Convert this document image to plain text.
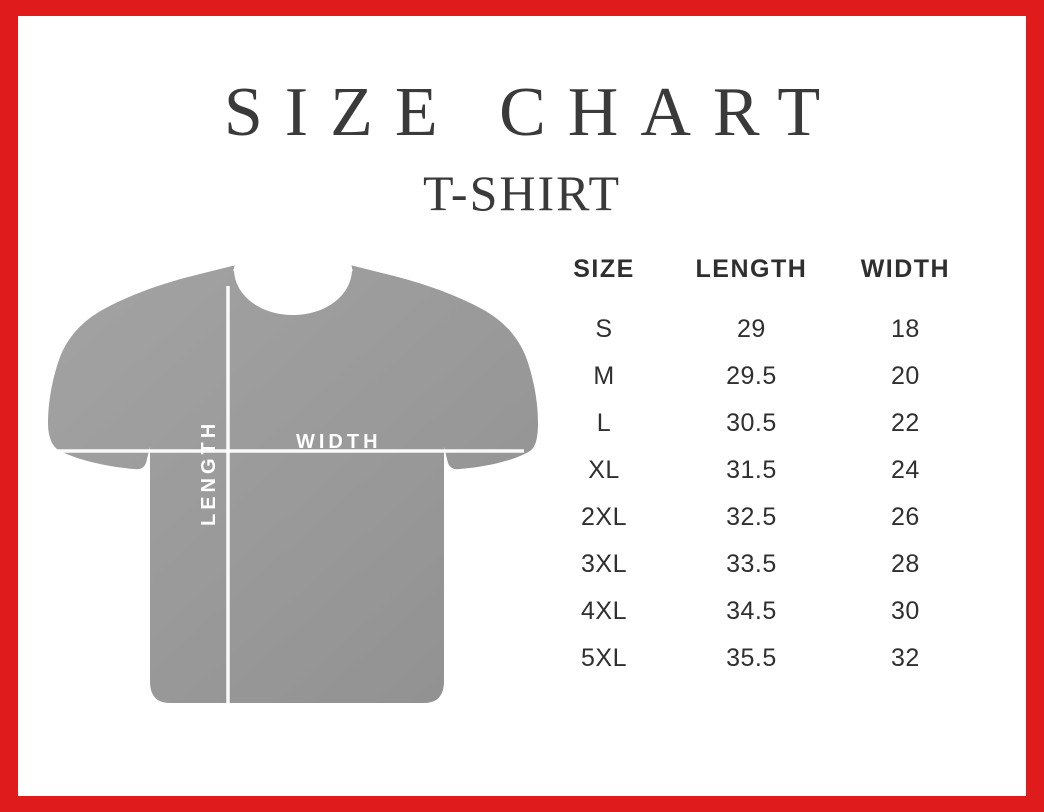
SIZE CHART
T-SHIRT
WIDTH
LENGTH
SIZE	LENGTH	WIDTH
S	29	18
M	29.5	20
L	30.5	22
XL	31.5	24
2XL	32.5	26
3XL	33.5	28
4XL	34.5	30
5XL	35.5	32
